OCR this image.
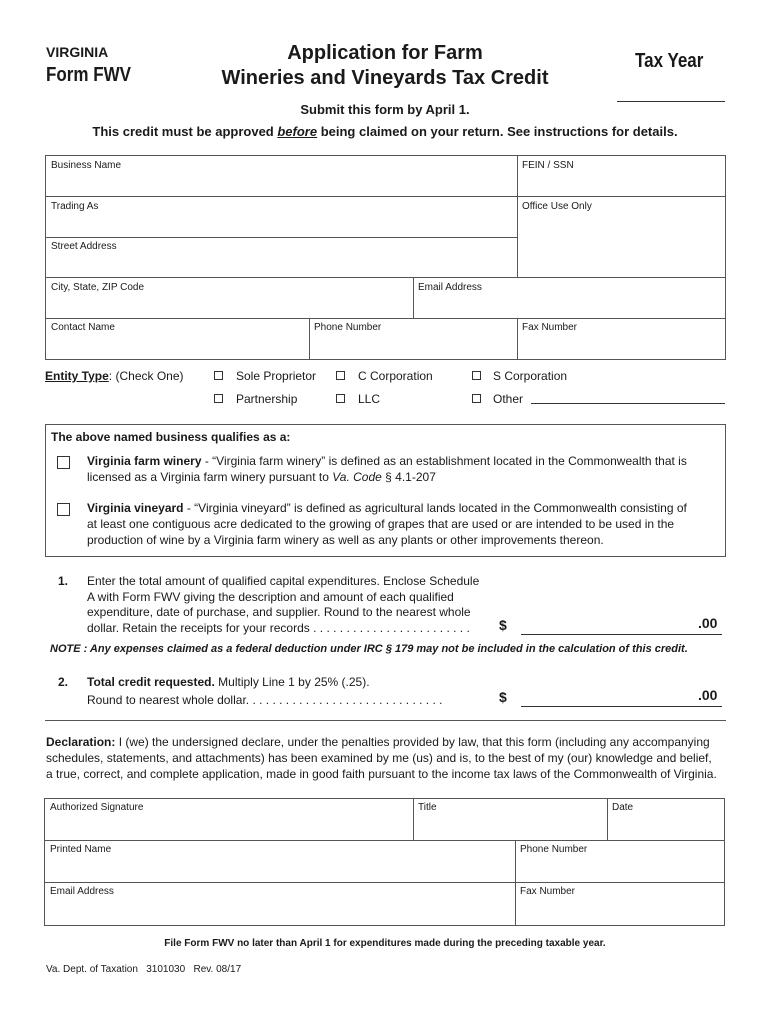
VIRGINIA
Form FWV
Application for Farm
Wineries and Vineyards Tax Credit
Tax Year
Submit this form by April 1.
This credit must be approved before being claimed on your return. See instructions for details.
Business Name	FEIN / SSN
Trading As	Office Use Only
Street Address
City, State, ZIP Code	Email Address
Contact Name	Phone Number	Fax Number
Entity Type: (Check One)	Sole Proprietor	C Corporation	S Corporation
Partnership	LLC	Other
The above named business qualifies as a:
Virginia farm winery - “Virginia farm winery” is defined as an establishment located in the Commonwealth that is
licensed as a Virginia farm winery pursuant to Va. Code § 4.1-207
Virginia vineyard - “Virginia vineyard” is defined as agricultural lands located in the Commonwealth consisting of
at least one contiguous acre dedicated to the growing of grapes that are used or are intended to be used in the
production of wine by a Virginia farm winery as well as any plants or other improvements thereon.
1. Enter the total amount of qualified capital expenditures. Enclose Schedule
A with Form FWV giving the description and amount of each qualified
expenditure, date of purchase, and supplier. Round to the nearest whole
dollar. Retain the receipts for your records . . . . . . . . . . . . . . . . . . . . . . . . $	.00
NOTE : Any expenses claimed as a federal deduction under IRC § 179 may not be included in the calculation of this credit.
2. Total credit requested. Multiply Line 1 by 25% (.25).
Round to nearest whole dollar. . . . . . . . . . . . . . . . . . . . . . . . . . . . . .	$	.00
Declaration: I (we) the undersigned declare, under the penalties provided by law, that this form (including any accompanying
schedules, statements, and attachments) has been examined by me (us) and is, to the best of my (our) knowledge and belief,
a true, correct, and complete application, made in good faith pursuant to the income tax laws of the Commonwealth of Virginia.
Authorized Signature	Title	Date
Printed Name	Phone Number
Email Address	Fax Number
File Form FWV no later than April 1 for expenditures made during the preceding taxable year.
Va. Dept. of Taxation   3101030   Rev. 08/17
